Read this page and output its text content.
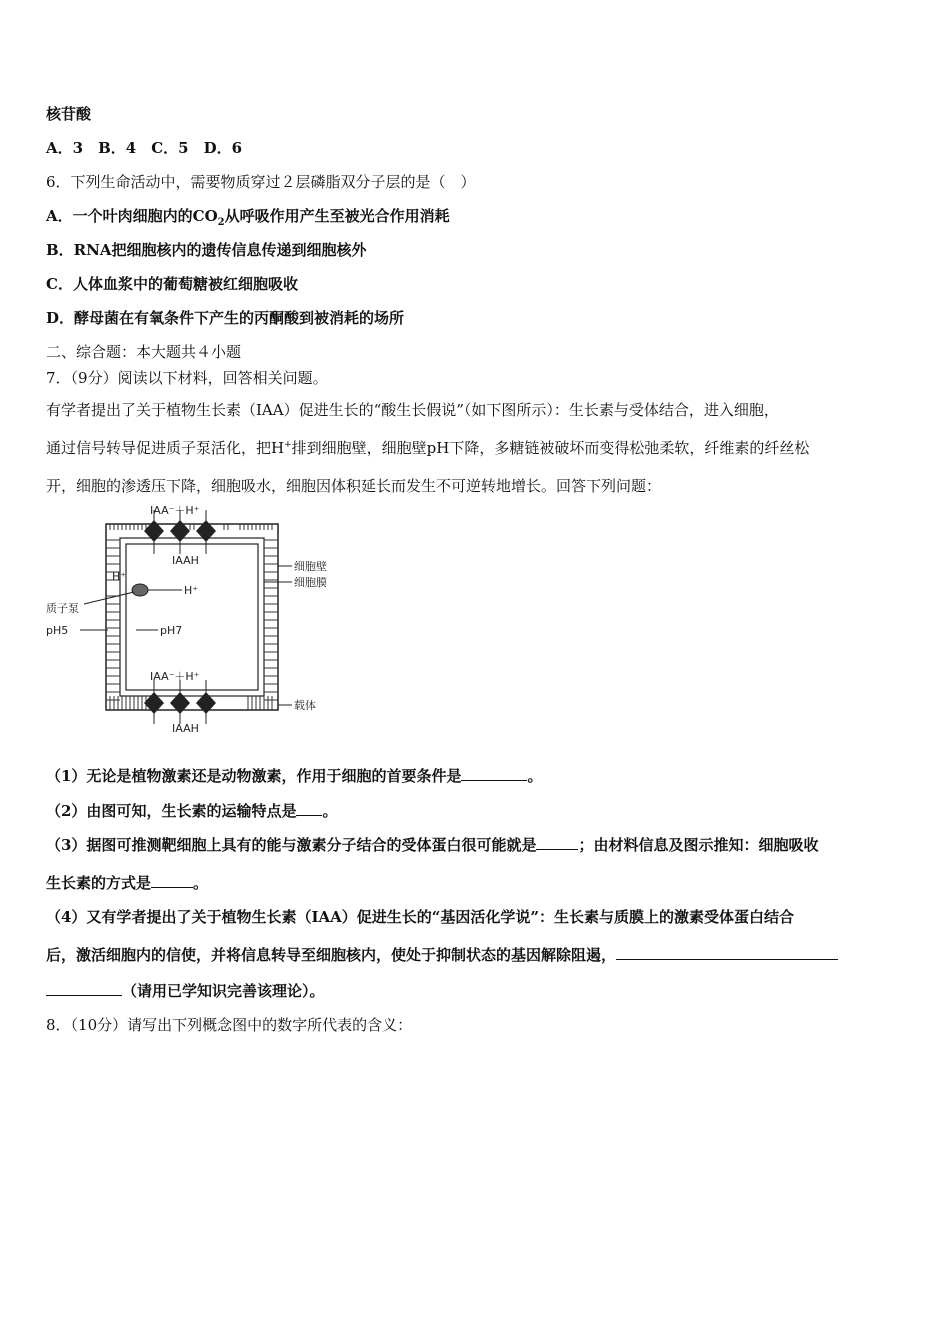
核苷酸
A．3　B．4　C．5　D．6
6．下列生命活动中，需要物质穿过２层磷脂双分子层的是（　）
A．一个叶肉细胞内的$CO_2$从呼吸作用产生至被光合作用消耗
B．RNA把细胞核内的遗传信息传递到细胞核外
C．人体血浆中的葡萄糖被红细胞吸收
D．酵母菌在有氧条件下产生的丙酮酸到被消耗的场所
二、综合题：本大题共４小题
7．（9分）阅读以下材料，回答相关问题。
有学者提出了关于植物生长素（IAA）促进生长的“酸生长假说”（如下图所示）：生长素与受体结合，进入细胞，
通过信号转导促进质子泵活化，把H+排到细胞壁，细胞壁pH下降，多糖链被破坏而变得松弛柔软，纤维素的纤丝松
开，细胞的渗透压下降，细胞吸水，细胞因体积延长而发生不可逆转地增长。回答下列问题：
IAA⁻＋H⁺
IAAH	细胞壁
细胞膜
H⁺
H⁺
质子泵
pH5	pH7
IAA⁻＋H⁺
载体
IAAH
（1）无论是植物激素还是动物激素，作用于细胞的首要条件是	。
（2）由图可知，生长素的运输特点是 。
（3）据图可推测靶细胞上具有的能与激素分子结合的受体蛋白很可能就是	；由材料信息及图示推知：细胞吸收
生长素的方式是	。
（4）又有学者提出了关于植物生长素（IAA）促进生长的“基因活化学说”：生长素与质膜上的激素受体蛋白结合
后，激活细胞内的信使，并将信息转导至细胞核内，使处于抑制状态的基因解除阻遏，
（请用已学知识完善该理论）。
8．（10分）请写出下列概念图中的数字所代表的含义：
